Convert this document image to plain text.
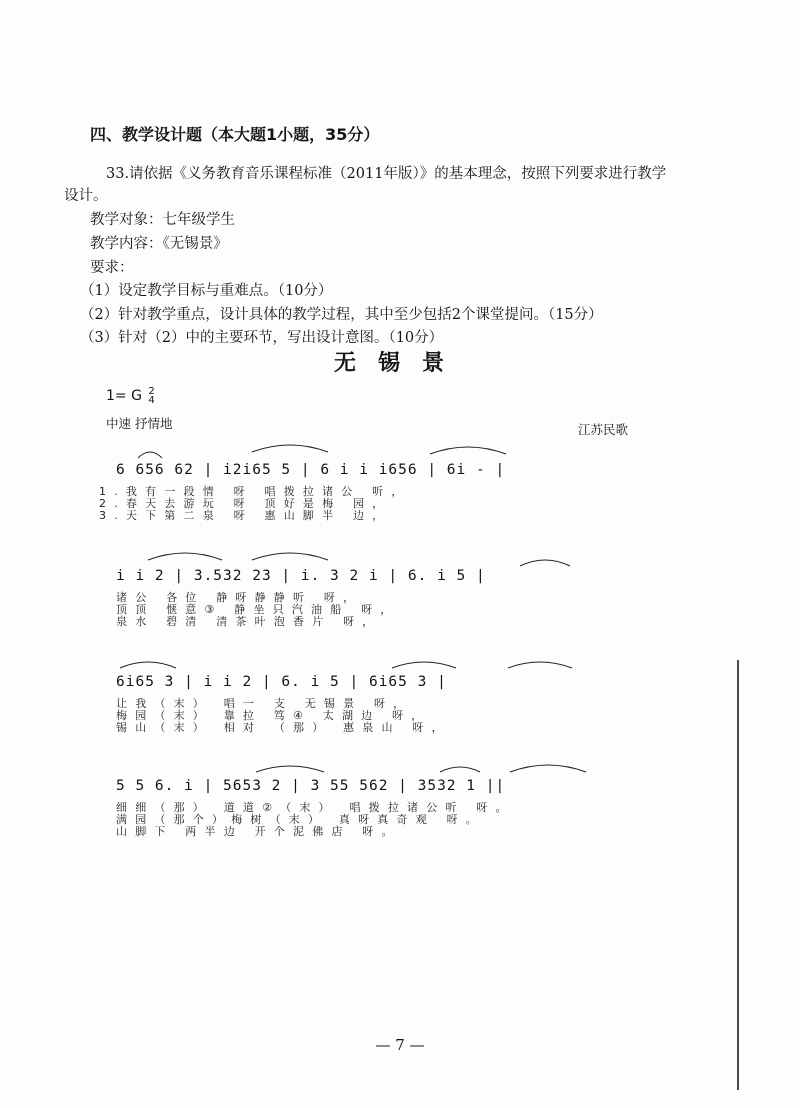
四、教学设计题（本大题1小题，35分）
33.请依据《义务教育音乐课程标准（2011年版）》的基本理念，按照下列要求进行教学
设计。
教学对象：七年级学生
教学内容：《无锡景》
要求：
（1）设定教学目标与重难点。（10分）
（2）针对教学重点，设计具体的教学过程，其中至少包括2个课堂提问。（15分）
（3）针对（2）中的主要环节，写出设计意图。（10分）
无锡景
1= G 2
4
中速 抒情地	江苏民歌
6 656 62 | i2i65 5 | 6 i i i656 | 6i - |
1.我有一段情 呀 唱拨拉诸公 听，
2.春天去游玩 呀 顶好是梅 园，
3.天下第二泉 呀 惠山脚半 边，
i i 2 | 3.532 23 | i. 3 2 i | 6. i 5 |
诸公 各位 静呀静静听 呀，
顶顶 惬意③ 静坐只汽油船 呀，
泉水 碧清 清茶叶泡香片 呀，
6i65 3 | i i 2 | 6. i 5 | 6i65 3 |
让我（末） 唱一 支 无锡景 呀，
梅园（末） 靠拉 笃④ 太湖边 呀，
锡山（末） 相对 （那） 惠泉山 呀，
5 5 6. i | 5653 2 | 3 55 562 | 3532 1 ||
细细（那） 道道②（末） 唱拨拉诸公听 呀。
满园（那个）梅树（末） 真呀真奇观 呀。
山脚下 两半边 开个泥佛店 呀。
— 7 —
